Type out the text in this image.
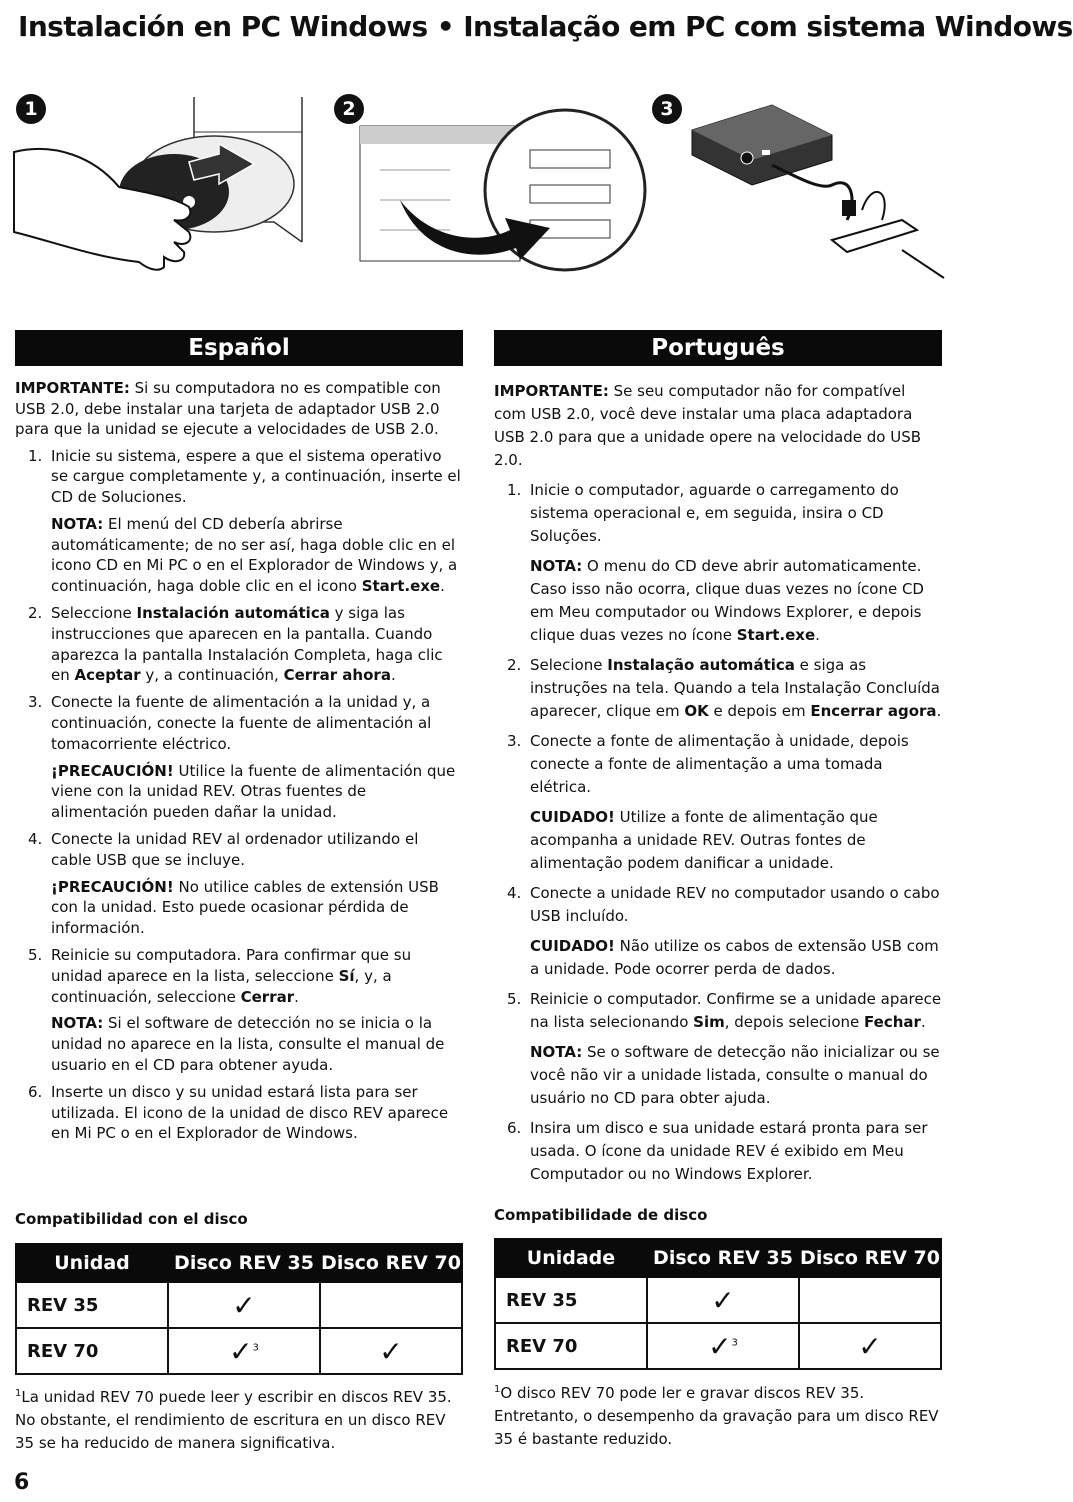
Instalación en PC Windows • Instalação em PC com sistema Windows
1	2	3
Español

IMPORTANTE: Si su computadora no es compatible con USB 2.0, debe instalar una tarjeta de adaptador USB 2.0 para que la unidad se ejecute a velocidades de USB 2.0.

1. Inicie su sistema, espere a que el sistema operativo se cargue completamente y, a continuación, inserte el CD de Soluciones.

NOTA: El menú del CD debería abrirse automáticamente; de no ser así, haga doble clic en el icono CD en Mi PC o en el Explorador de Windows y, a continuación, haga doble clic en el icono Start.exe.

2. Seleccione Instalación automática y siga las instrucciones que aparecen en la pantalla. Cuando aparezca la pantalla Instalación Completa, haga clic en Aceptar y, a continuación, Cerrar ahora.
3. Conecte la fuente de alimentación a la unidad y, a continuación, conecte la fuente de alimentación al tomacorriente eléctrico.

¡PRECAUCIÓN! Utilice la fuente de alimentación que viene con la unidad REV. Otras fuentes de alimentación pueden dañar la unidad.

4. Conecte la unidad REV al ordenador utilizando el cable USB que se incluye.

¡PRECAUCIÓN! No utilice cables de extensión USB con la unidad. Esto puede ocasionar pérdida de información.

5. Reinicie su computadora. Para confirmar que su unidad aparece en la lista, seleccione Sí, y, a continuación, seleccione Cerrar.

NOTA: Si el software de detección no se inicia o la unidad no aparece en la lista, consulte el manual de usuario en el CD para obtener ayuda.

6. Inserte un disco y su unidad estará lista para ser utilizada. El icono de la unidad de disco REV aparece en Mi PC o en el Explorador de Windows.
Português

IMPORTANTE: Se seu computador não for compatível com USB 2.0, você deve instalar uma placa adaptadora USB 2.0 para que a unidade opere na velocidade do USB 2.0.

1. Inicie o computador, aguarde o carregamento do sistema operacional e, em seguida, insira o CD Soluções.

NOTA: O menu do CD deve abrir automaticamente. Caso isso não ocorra, clique duas vezes no ícone CD em Meu computador ou Windows Explorer, e depois clique duas vezes no ícone Start.exe.

2. Selecione Instalação automática e siga as instruções na tela. Quando a tela Instalação Concluída aparecer, clique em OK e depois em Encerrar agora.
3. Conecte a fonte de alimentação à unidade, depois conecte a fonte de alimentação a uma tomada elétrica.

CUIDADO! Utilize a fonte de alimentação que acompanha a unidade REV. Outras fontes de alimentação podem danificar a unidade.

4. Conecte a unidade REV no computador usando o cabo USB incluído.

CUIDADO! Não utilize os cabos de extensão USB com a unidade. Pode ocorrer perda de dados.

5. Reinicie o computador. Confirme se a unidade aparece na lista selecionando Sim, depois selecione Fechar.

NOTA: Se o software de detecção não inicializar ou se você não vir a unidade listada, consulte o manual do usuário no CD para obter ajuda.

6. Insira um disco e sua unidade estará pronta para ser usada. O ícone da unidade REV é exibido em Meu Computador ou no Windows Explorer.
Compatibilidad con el disco
Unidad	Disco REV 35	Disco REV 70
REV 35	✓	
REV 70	✓$^3$	✓
$^1$La unidad REV 70 puede leer y escribir en discos REV 35. No obstante, el rendimiento de escritura en un disco REV 35 se ha reducido de manera significativa.
Compatibilidade de disco
Unidade	Disco REV 35	Disco REV 70
REV 35	✓	
REV 70	✓$^3$	✓
$^1$O disco REV 70 pode ler e gravar discos REV 35. Entretanto, o desempenho da gravação para um disco REV 35 é bastante reduzido.
6
